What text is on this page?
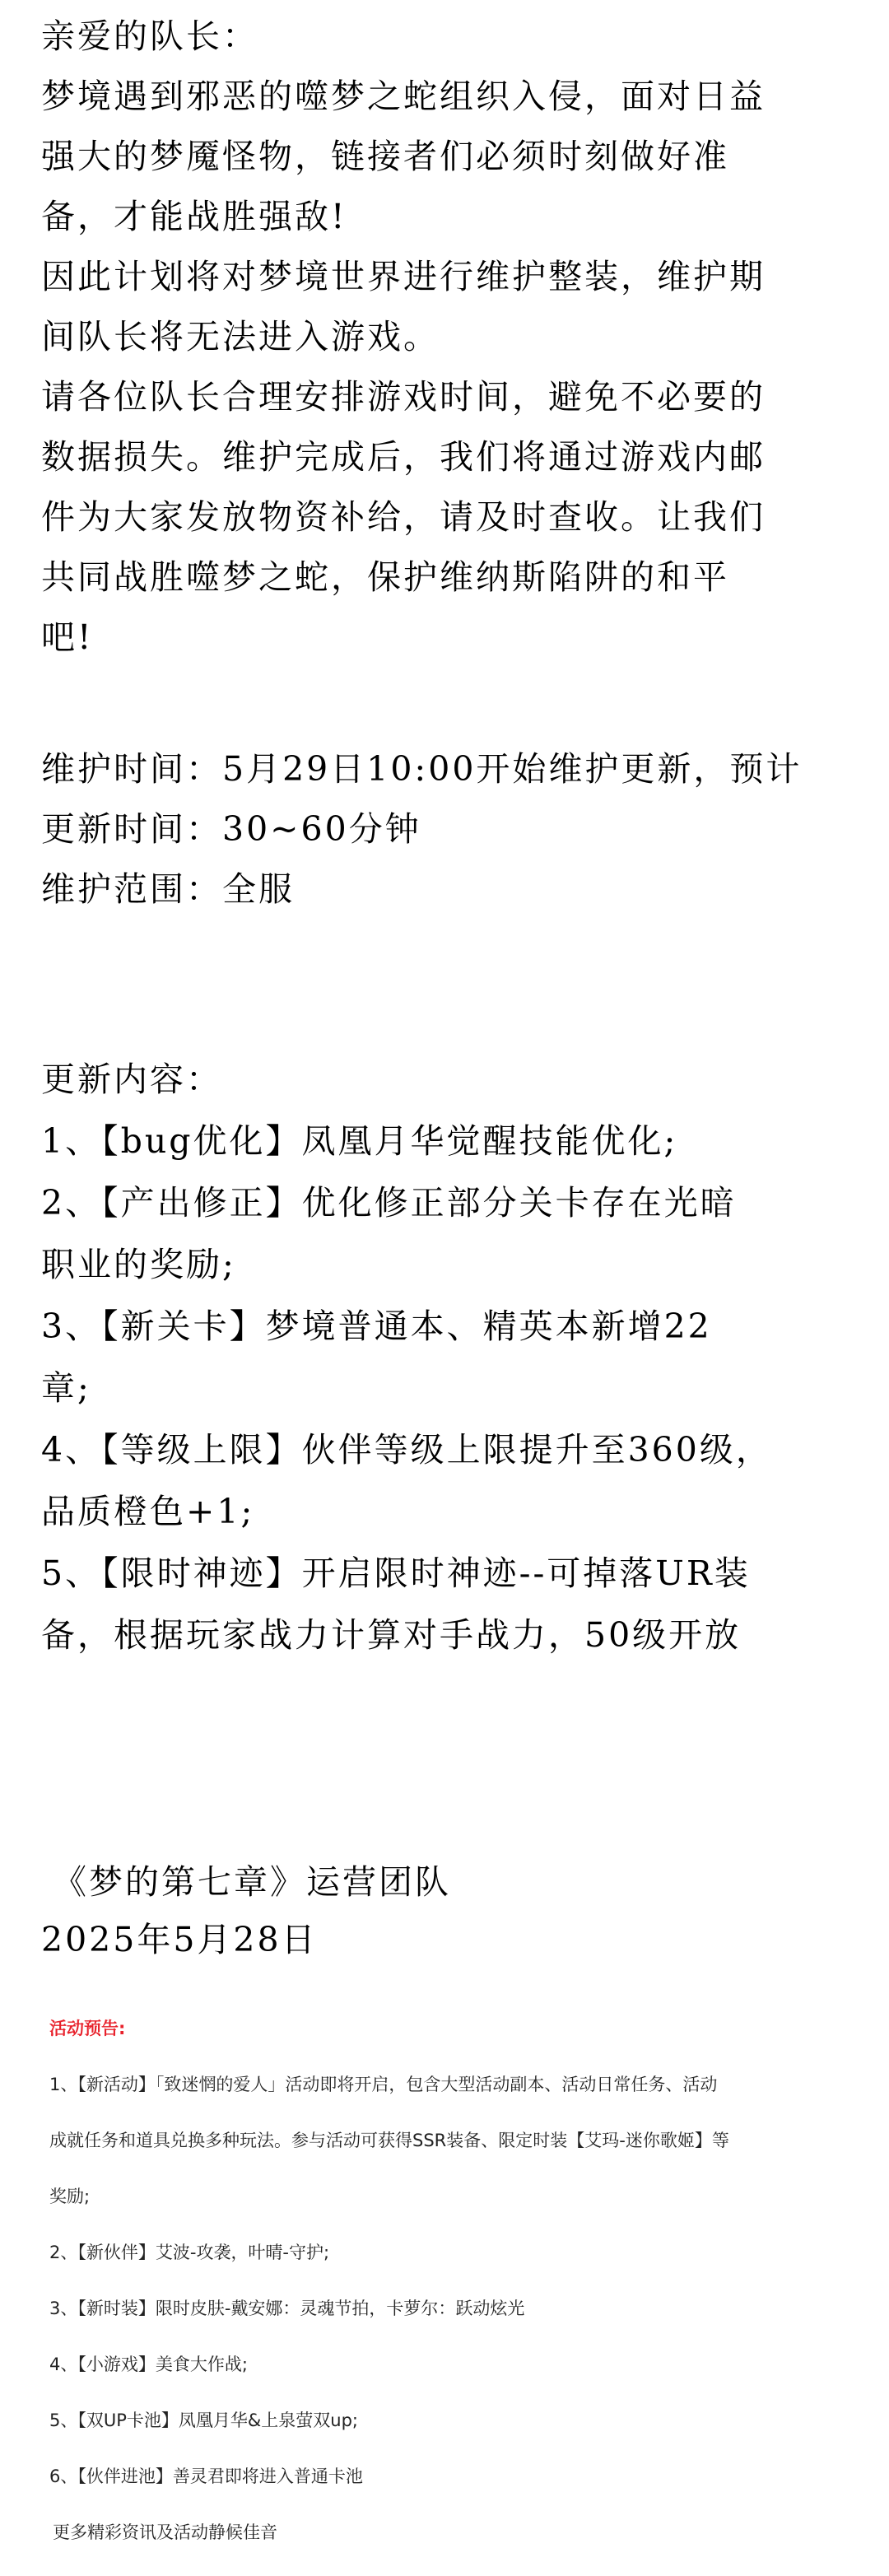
亲爱的队长：
梦境遇到邪恶的噬梦之蛇组织入侵，面对日益
强大的梦魇怪物，链接者们必须时刻做好准
备，才能战胜强敌!
因此计划将对梦境世界进行维护整装，维护期
间队长将无法进入游戏。
请各位队长合理安排游戏时间，避免不必要的
数据损失。维护完成后，我们将通过游戏内邮
件为大家发放物资补给，请及时查收。让我们
共同战胜噬梦之蛇，保护维纳斯陷阱的和平
吧!
维护时间：5月29日10:00开始维护更新，预计
更新时间：30~60分钟
维护范围：全服
更新内容：
1、【bug优化】凤凰月华觉醒技能优化;
2、【产出修正】优化修正部分关卡存在光暗
职业的奖励;
3、【新关卡】梦境普通本、精英本新增22
章;
4、【等级上限】伙伴等级上限提升至360级，
品质橙色+1;
5、【限时神迹】开启限时神迹--可掉落UR装
备，根据玩家战力计算对手战力，50级开放
《梦的第七章》运营团队
2025年5月28日
活动预告:
1、【新活动】「致迷惘的爱人」活动即将开启，包含大型活动副本、活动日常任务、活动
成就任务和道具兑换多种玩法。参与活动可获得SSR装备、限定时装【艾玛-迷你歌姬】等
奖励;
2、【新伙伴】艾波-攻袭，叶晴-守护;
3、【新时装】限时皮肤-戴安娜：灵魂节拍，卡萝尔：跃动炫光
4、【小游戏】美食大作战;
5、【双UP卡池】凤凰月华&上泉萤双up;
6、【伙伴进池】善灵君即将进入普通卡池
更多精彩资讯及活动静候佳音
